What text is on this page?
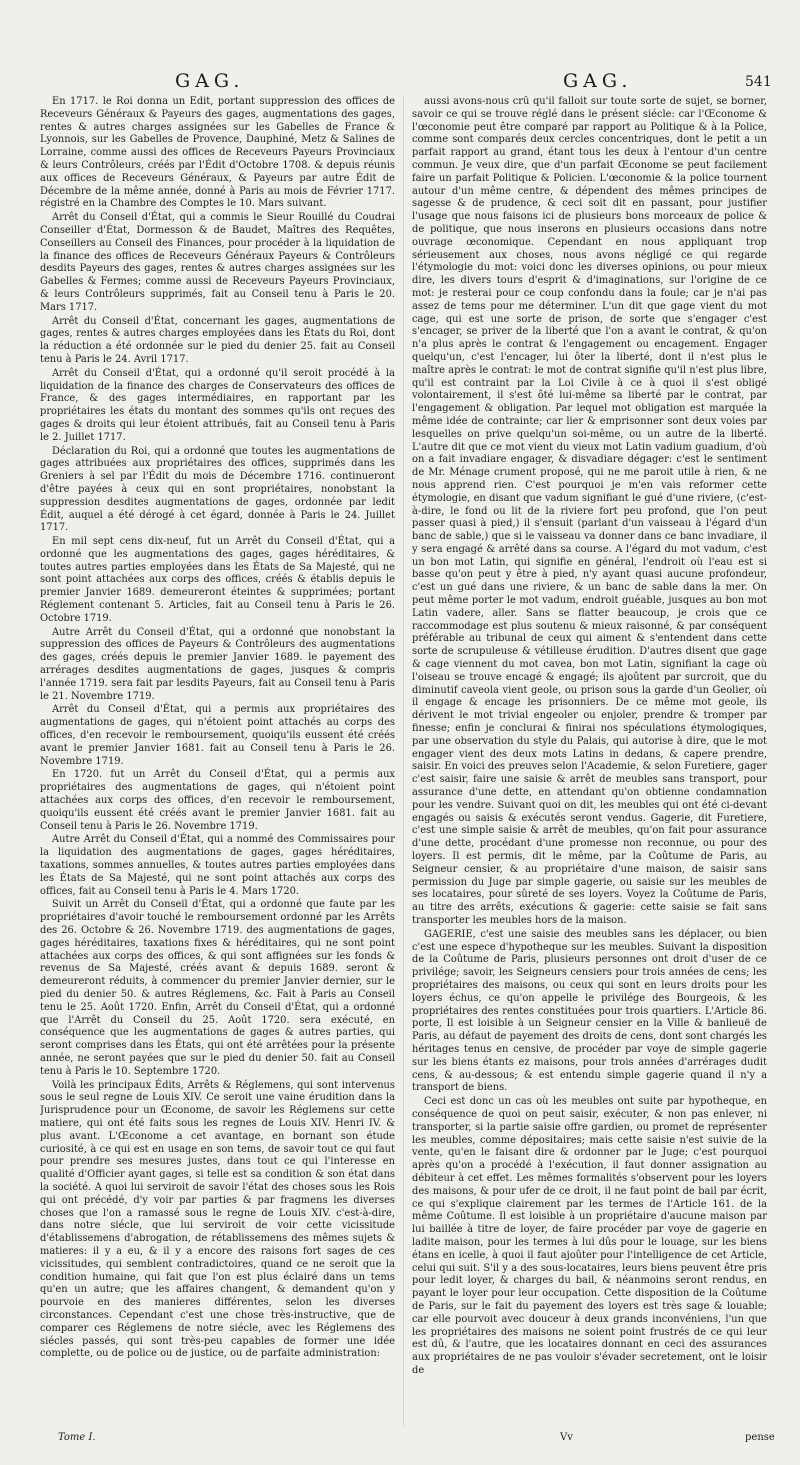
GAG.	GAG.	541

En 1717. le Roi donna un Édit, portant suppression des offices de Receveurs Généraux & Payeurs des gages, augmentations des gages, rentes & autres charges assignées sur les Gabelles de France & Lyonnois, sur les Gabelles de Provence, Dauphiné, Metz & Salines de Lorraine, comme aussi des offices de Receveurs Payeurs Provinciaux & leurs Contrôleurs, créés par l'Édit d'Octobre 1708. & depuis réunis aux offices de Receveurs Généraux, & Payeurs par autre Édit de Décembre de la même année, donné à Paris au mois de Février 1717. régistré en la Chambre des Comptes le 10. Mars suivant.

Arrêt du Conseil d'État, qui a commis le Sieur Rouillé du Coudrai Conseiller d'État, Dormesson & de Baudet, Maîtres des Requêtes, Conseillers au Conseil des Finances, pour procéder à la liquidation de la finance des offices de Receveurs Généraux Payeurs & Contrôleurs desdits Payeurs des gages, rentes & autres charges assignées sur les Gabelles & Fermes; comme aussi de Receveurs Payeurs Provinciaux, & leurs Contrôleurs supprimés, fait au Conseil tenu à Paris le 20. Mars 1717.

Arrêt du Conseil d'État, concernant les gages, augmentations de gages, rentes & autres charges employées dans les États du Roi, dont la réduction a été ordonnée sur le pied du denier 25. fait au Conseil tenu à Paris le 24. Avril 1717.

Arrêt du Conseil d'État, qui a ordonné qu'il seroit procédé à la liquidation de la finance des charges de Conservateurs des offices de France, & des gages intermédiaires, en rapportant par les propriétaires les états du montant des sommes qu'ils ont reçues des gages & droits qui leur étoient attribués, fait au Conseil tenu à Paris le 2. Juillet 1717.

Déclaration du Roi, qui a ordonné que toutes les augmentations de gages attribuées aux propriétaires des offices, supprimés dans les Greniers à sel par l'Édit du mois de Décembre 1716. continueront d'être payées à ceux qui en sont propriétaires, nonobstant la suppression desdites augmentations de gages, ordonnée par ledit Édit, auquel a été dérogé à cet égard, donnée à Paris le 24. Juillet 1717.

En mil sept cens dix-neuf, fut un Arrêt du Conseil d'État, qui a ordonné que les augmentations des gages, gages héréditaires, & toutes autres parties employées dans les États de Sa Majesté, qui ne sont point attachées aux corps des offices, créés & établis depuis le premier Janvier 1689. demeureront éteintes & supprimées; portant Réglement contenant 5. Articles, fait au Conseil tenu à Paris le 26. Octobre 1719.

Autre Arrêt du Conseil d'État, qui a ordonné que nonobstant la suppression des offices de Payeurs & Contrôleurs des augmentations des gages, créés depuis le premier Janvier 1689. le payement des arrérages desdites augmentations de gages, jusques & compris l'année 1719. sera fait par lesdits Payeurs, fait au Conseil tenu à Paris le 21. Novembre 1719.

Arrêt du Conseil d'État, qui a permis aux propriétaires des augmentations de gages, qui n'étoient point attachés au corps des offices, d'en recevoir le remboursement, quoiqu'ils eussent été créés avant le premier Janvier 1681. fait au Conseil tenu à Paris le 26. Novembre 1719.

En 1720. fut un Arrêt du Conseil d'État, qui a permis aux propriétaires des augmentations de gages, qui n'étoient point attachées aux corps des offices, d'en recevoir le remboursement, quoiqu'ils eussent été créés avant le premier Janvier 1681. fait au Conseil tenu à Paris le 26. Novembre 1719.

Autre Arrêt du Conseil d'État, qui a nommé des Commissaires pour la liquidation des augmentations de gages, gages héréditaires, taxations, sommes annuelles, & toutes autres parties employées dans les États de Sa Majesté, qui ne sont point attachés aux corps des offices, fait au Conseil tenu à Paris le 4. Mars 1720.

Suivit un Arrêt du Conseil d'État, qui a ordonné que faute par les propriétaires d'avoir touché le remboursement ordonné par les Arrêts des 26. Octobre & 26. Novembre 1719. des augmentations de gages, gages héréditaires, taxations fixes & héréditaires, qui ne sont point attachées aux corps des offices, & qui sont affignées sur les fonds & revenus de Sa Majesté, créés avant & depuis 1689. seront & demeureront réduits, à commencer du premier Janvier dernier, sur le pied du denier 50. & autres Réglemens, &c. Fait à Paris au Conseil tenu le 25. Août 1720. Enfin, Arrêt du Conseil d'État, qui a ordonné que l'Arrêt du Conseil du 25. Août 1720. sera exécuté, en conséquence que les augmentations de gages & autres parties, qui seront comprises dans les États, qui ont été arrêtées pour la présente année, ne seront payées que sur le pied du denier 50. fait au Conseil tenu à Paris le 10. Septembre 1720.

Voilà les principaux Édits, Arrêts & Réglemens, qui sont intervenus sous le seul regne de Louis XIV. Ce seroit une vaine érudition dans la Jurisprudence pour un Œconome, de savoir les Réglemens sur cette matiere, qui ont été faits sous les regnes de Louis XIV. Henri IV. & plus avant. L'Œconome a cet avantage, en bornant son étude curiosité, à ce qui est en usage en son tems, de savoir tout ce qui faut pour prendre ses mesures justes, dans tout ce qui l'interesse en qualité d'Officier ayant gages, si telle est sa condition & son état dans la société. A quoi lui serviroit de savoir l'état des choses sous les Rois qui ont précédé, d'y voir par parties & par fragmens les diverses choses que l'on a ramassé sous le regne de Louis XIV. c'est-à-dire, dans notre siécle, que lui serviroit de voir cette vicissitude d'établissemens d'abrogation, de rétablissemens des mêmes sujets & matieres: il y a eu, & il y a encore des raisons fort sages de ces vicissitudes, qui semblent contradictoires, quand ce ne seroit que la condition humaine, qui fait que l'on est plus éclairé dans un tems qu'en un autre; que les affaires changent, & demandent qu'on y pourvoie en des manieres différentes, selon les diverses circonstances. Cependant c'est une chose très-instructive, que de comparer ces Réglemens de notre siécle, avec les Réglemens des siécles passés, qui sont très-peu capables de former une idée complette, ou de police ou de justice, ou de parfaite administration:

aussi avons-nous crû qu'il falloit sur toute sorte de sujet, se borner, savoir ce qui se trouve réglé dans le présent siécle: car l'Œconome & l'œconomie peut être comparé par rapport au Politique & à la Police, comme sont comparés deux cercles concentriques, dont le petit a un parfait rapport au grand, étant tous les deux à l'entour d'un centre commun. Je veux dire, que d'un parfait Œconome se peut facilement faire un parfait Politique & Policien. L'œconomie & la police tournent autour d'un même centre, & dépendent des mêmes principes de sagesse & de prudence, & ceci soit dit en passant, pour justifier l'usage que nous faisons ici de plusieurs bons morceaux de police & de politique, que nous inserons en plusieurs occasions dans notre ouvrage œconomique. Cependant en nous appliquant trop sérieusement aux choses, nous avons négligé ce qui regarde l'étymologie du mot: voici donc les diverses opinions, ou pour mieux dire, les divers tours d'esprit & d'imaginations, sur l'origine de ce mot: je resterai pour ce coup confondu dans la foule; car je n'ai pas assez de tems pour me déterminer. L'un dit que gage vient du mot cage, qui est une sorte de prison, de sorte que s'engager c'est s'encager, se priver de la liberté que l'on a avant le contrat, & qu'on n'a plus après le contrat & l'engagement ou encagement. Engager quelqu'un, c'est l'encager, lui ôter la liberté, dont il n'est plus le maître après le contrat: le mot de contrat signifie qu'il n'est plus libre, qu'il est contraint par la Loi Civile à ce à quoi il s'est obligé volontairement, il s'est ôté lui-même sa liberté par le contrat, par l'engagement & obligation. Par lequel mot obligation est marquée la même idée de contrainte; car lier & emprisonner sont deux voies par lesquelles on prive quelqu'un soi-même, ou un autre de la liberté. L'autre dit que ce mot vient du vieux mot Latin vadium guadium, d'où on a fait invadiare engager, & disvadiare dégager: c'est le sentiment de Mr. Ménage crument proposé, qui ne me paroit utile à rien, & ne nous apprend rien. C'est pourquoi je m'en vais reformer cette étymologie, en disant que vadum signifiant le gué d'une riviere, (c'est-à-dire, le fond ou lit de la riviere fort peu profond, que l'on peut passer quasi à pied,) il s'ensuit (parlant d'un vaisseau à l'égard d'un banc de sable,) que si le vaisseau va donner dans ce banc invadiare, il y sera engagé & arrêté dans sa course. A l'égard du mot vadum, c'est un bon mot Latin, qui signifie en général, l'endroit où l'eau est si basse qu'on peut y être à pied, n'y ayant quasi aucune profondeur, c'est un gué dans une riviere, & un banc de sable dans la mer. On peut même porter le mot vadum, endroit guéable, jusques au bon mot Latin vadere, aller. Sans se flatter beaucoup, je crois que ce raccommodage est plus soutenu & mieux raisonné, & par conséquent préférable au tribunal de ceux qui aiment & s'entendent dans cette sorte de scrupuleuse & vétilleuse érudition. D'autres disent que gage & cage viennent du mot cavea, bon mot Latin, signifiant la cage où l'oiseau se trouve encagé & engagé; ils ajoûtent par surcroit, que du diminutif caveola vient geole, ou prison sous la garde d'un Geolier, où il engage & encage les prisonniers. De ce même mot geole, ils dérivent le mot trivial engeoler ou enjoler, prendre & tromper par finesse; enfin je conclurai & finirai nos spéculations étymologiques, par une observation du style du Palais, qui autorise à dire, que le mot engager vient des deux mots Latins in dedans, & capere prendre, saisir. En voici des preuves selon l'Academie, & selon Furetiere, gager c'est saisir, faire une saisie & arrêt de meubles sans transport, pour assurance d'une dette, en attendant qu'on obtienne condamnation pour les vendre. Suivant quoi on dit, les meubles qui ont été ci-devant engagés ou saisis & exécutés seront vendus. Gagerie, dit Furetiere, c'est une simple saisie & arrêt de meubles, qu'on fait pour assurance d'une dette, procédant d'une promesse non reconnue, ou pour des loyers. Il est permis, dit le même, par la Coûtume de Paris, au Seigneur censier, & au propriétaire d'une maison, de saisir sans permission du Juge par simple gagerie, ou saisie sur les meubles de ses locataires, pour sûreté de ses loyers. Voyez la Coûtume de Paris, au titre des arrêts, exécutions & gagerie: cette saisie se fait sans transporter les meubles hors de la maison.

GAGERIE, c'est une saisie des meubles sans les déplacer, ou bien c'est une espece d'hypotheque sur les meubles. Suivant la disposition de la Coûtume de Paris, plusieurs personnes ont droit d'user de ce privilége; savoir, les Seigneurs censiers pour trois années de cens; les propriétaires des maisons, ou ceux qui sont en leurs droits pour les loyers échus, ce qu'on appelle le privilége des Bourgeois, & les propriétaires des rentes constituées pour trois quartiers. L'Article 86. porte, Il est loisible à un Seigneur censier en la Ville & banlieuë de Paris, au défaut de payement des droits de cens, dont sont chargés les héritages tenus en censive, de procéder par voye de simple gagerie sur les biens étants ez maisons, pour trois années d'arrérages dudit cens, & au-dessous; & est entendu simple gagerie quand il n'y a transport de biens.

Ceci est donc un cas où les meubles ont suite par hypotheque, en conséquence de quoi on peut saisir, exécuter, & non pas enlever, ni transporter, si la partie saisie offre gardien, ou promet de représenter les meubles, comme dépositaires; mais cette saisie n'est suivie de la vente, qu'en le faisant dire & ordonner par le Juge; c'est pourquoi après qu'on a procédé à l'exécution, il faut donner assignation au débiteur à cet effet. Les mêmes formalités s'observent pour les loyers des maisons, & pour ufer de ce droit, il ne faut point de bail par écrit, ce qui s'explique clairement par les termes de l'Article 161. de la même Coûtume. Il est loisible à un propriétaire d'aucune maison par lui baillée à titre de loyer, de faire procéder par voye de gagerie en ladite maison, pour les termes à lui dûs pour le louage, sur les biens étans en icelle, à quoi il faut ajoûter pour l'intelligence de cet Article, celui qui suit. S'il y a des sous-locataires, leurs biens peuvent être pris pour ledit loyer, & charges du bail, & néanmoins seront rendus, en payant le loyer pour leur occupation. Cette disposition de la Coûtume de Paris, sur le fait du payement des loyers est très sage & louable; car elle pourvoit avec douceur à deux grands inconvéniens, l'un que les propriétaires des maisons ne soient point frustrés de ce qui leur est dû, & l'autre, que les locataires donnant en ceci des assurances aux propriétaires de ne pas vouloir s'évader secretement, ont le loisir de

Tome I.	Vv	pense
